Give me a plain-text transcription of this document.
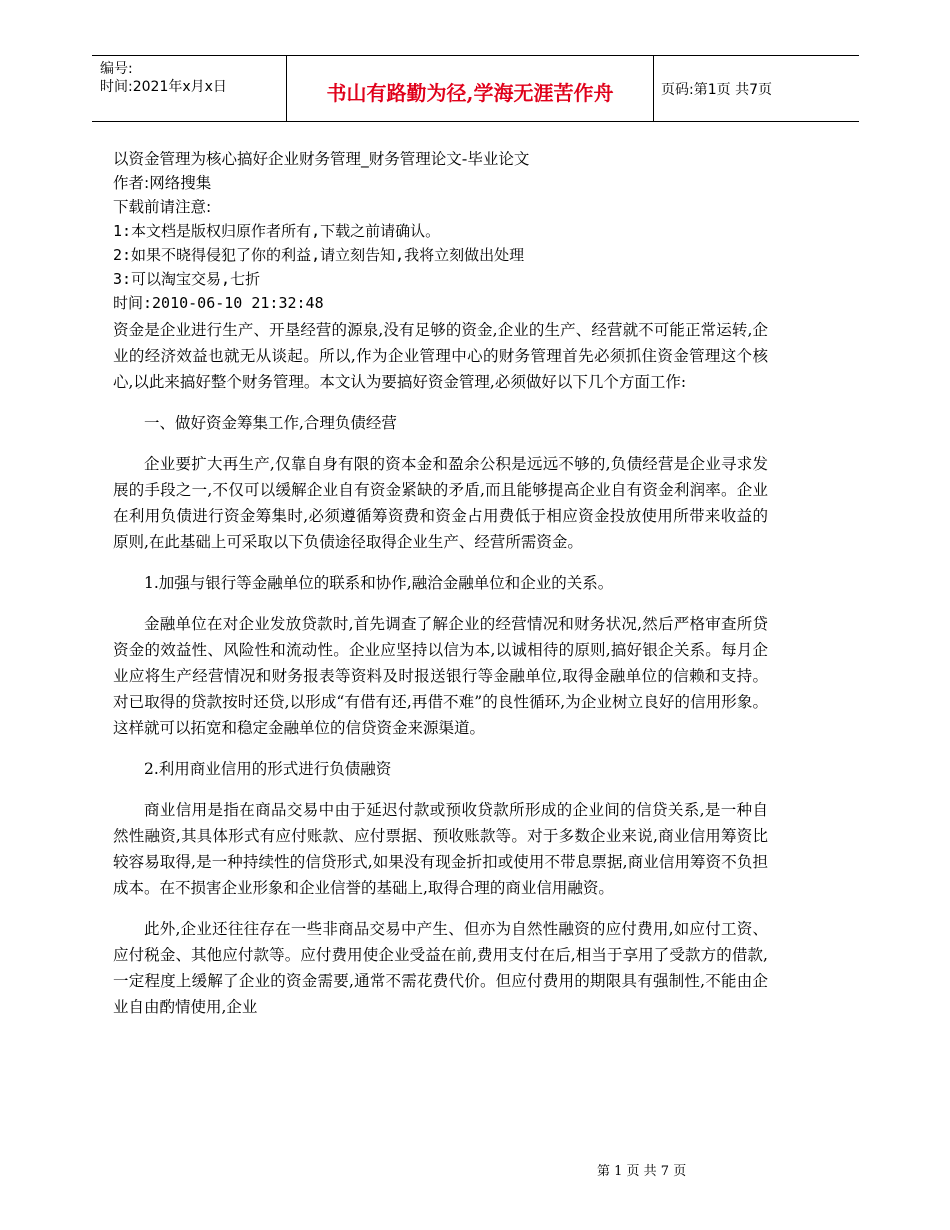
编号:
时间:2021年x月x日	书山有路勤为径,学海无涯苦作舟	页码:第1页 共7页
以资金管理为核心搞好企业财务管理_财务管理论文-毕业论文
作者:网络搜集
下载前请注意:
1:本文档是版权归原作者所有,下载之前请确认。
2:如果不晓得侵犯了你的利益,请立刻告知,我将立刻做出处理
3:可以淘宝交易,七折
时间:2010-06-10 21:32:48

资金是企业进行生产、开垦经营的源泉,没有足够的资金,企业的生产、经营就不可能正常运转,企业的经济效益也就无从谈起。所以,作为企业管理中心的财务管理首先必须抓住资金管理这个核心,以此来搞好整个财务管理。本文认为要搞好资金管理,必须做好以下几个方面工作:

一、做好资金筹集工作,合理负债经营

企业要扩大再生产,仅靠自身有限的资本金和盈余公积是远远不够的,负债经营是企业寻求发展的手段之一,不仅可以缓解企业自有资金紧缺的矛盾,而且能够提高企业自有资金利润率。企业在利用负债进行资金筹集时,必须遵循筹资费和资金占用费低于相应资金投放使用所带来收益的原则,在此基础上可采取以下负债途径取得企业生产、经营所需资金。

1.加强与银行等金融单位的联系和协作,融洽金融单位和企业的关系。

金融单位在对企业发放贷款时,首先调查了解企业的经营情况和财务状况,然后严格审查所贷资金的效益性、风险性和流动性。企业应坚持以信为本,以诚相待的原则,搞好银企关系。每月企业应将生产经营情况和财务报表等资料及时报送银行等金融单位,取得金融单位的信赖和支持。对已取得的贷款按时还贷,以形成“有借有还,再借不难”的良性循环,为企业树立良好的信用形象。这样就可以拓宽和稳定金融单位的信贷资金来源渠道。

2.利用商业信用的形式进行负债融资

商业信用是指在商品交易中由于延迟付款或预收贷款所形成的企业间的信贷关系,是一种自然性融资,其具体形式有应付账款、应付票据、预收账款等。对于多数企业来说,商业信用筹资比较容易取得,是一种持续性的信贷形式,如果没有现金折扣或使用不带息票据,商业信用筹资不负担成本。在不损害企业形象和企业信誉的基础上,取得合理的商业信用融资。

此外,企业还往往存在一些非商品交易中产生、但亦为自然性融资的应付费用,如应付工资、应付税金、其他应付款等。应付费用使企业受益在前,费用支付在后,相当于享用了受款方的借款,一定程度上缓解了企业的资金需要,通常不需花费代价。但应付费用的期限具有强制性,不能由企业自由酌情使用,企业

第 1 页 共 7 页
